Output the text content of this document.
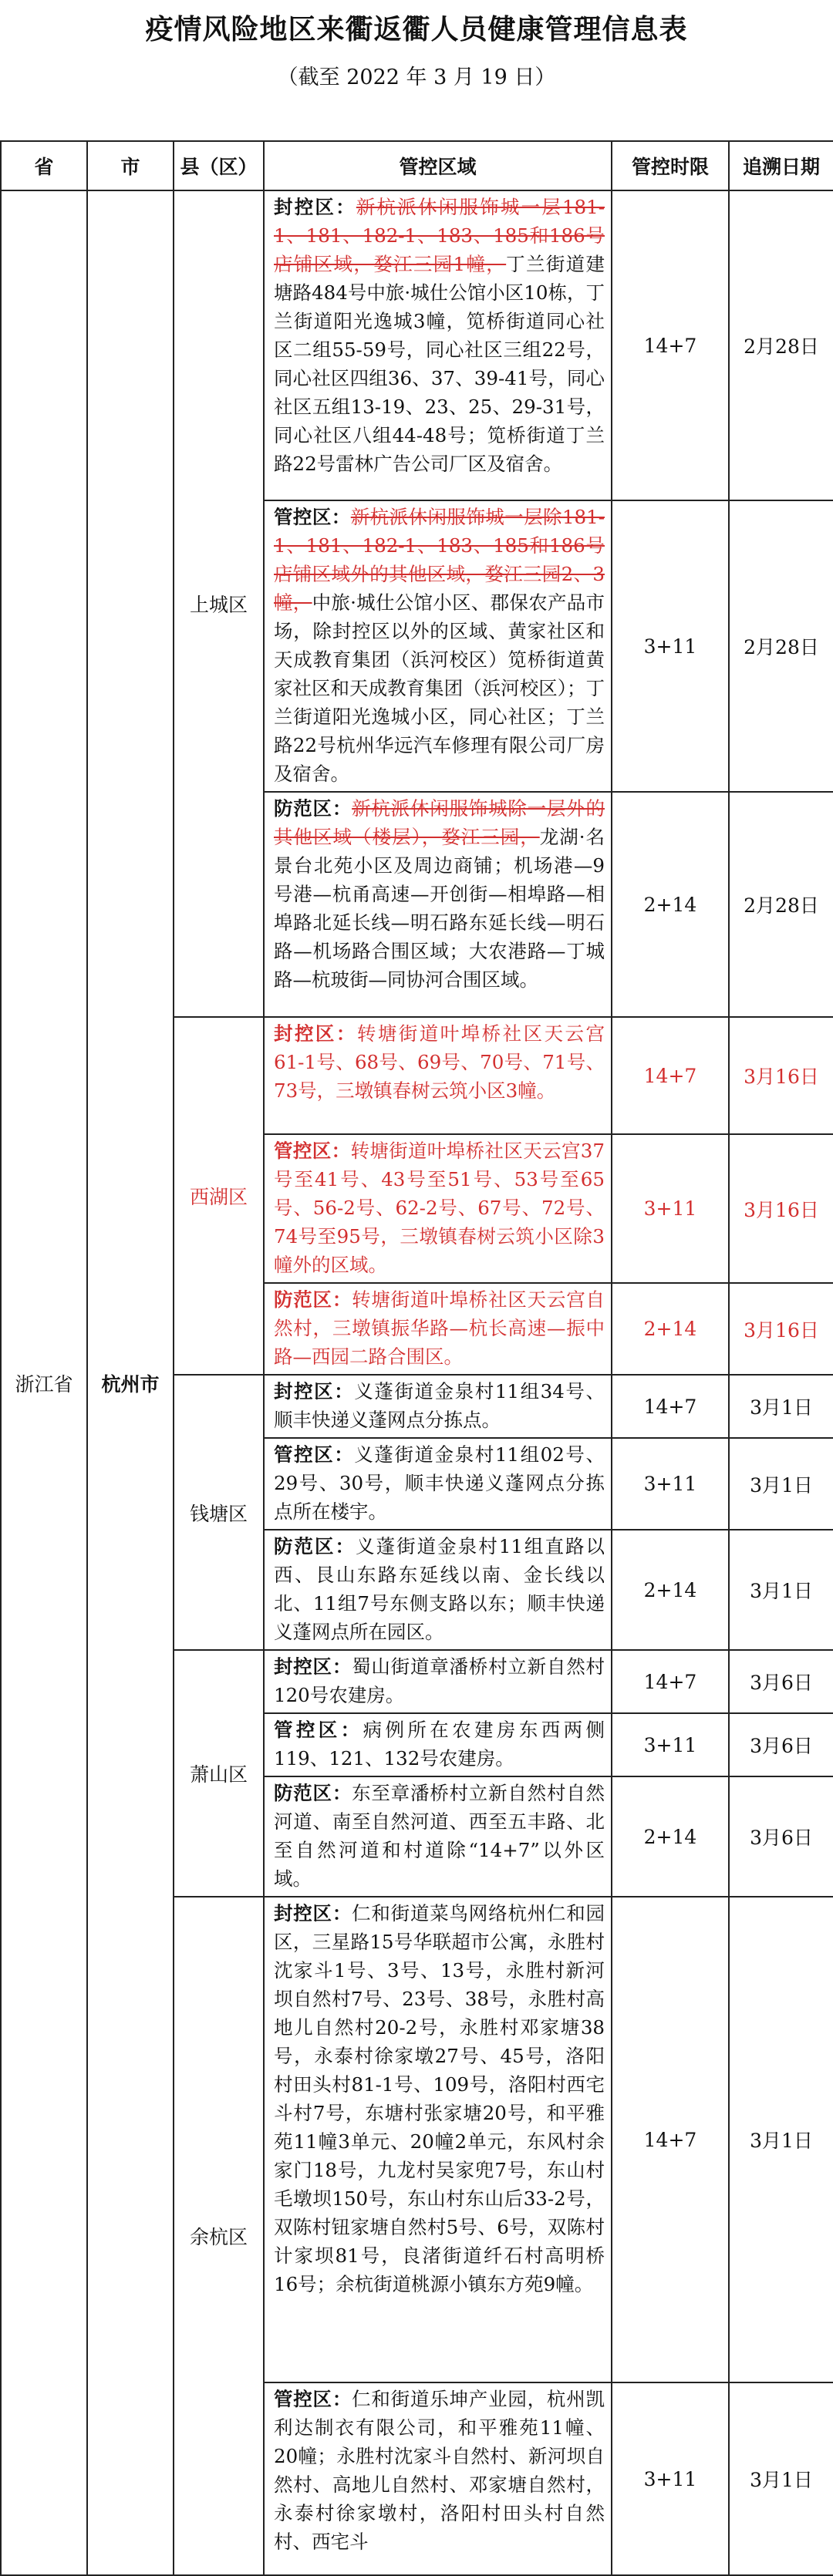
疫情风险地区来衢返衢人员健康管理信息表
（截至 2022 年 3 月 19 日）
省	市	县（区）	管控区域	管控时限	追溯日期
浙江省	杭州市	上城区	封控区：新杭派休闲服饰城一层181-1、181、182-1、183、185和186号店铺区域，婺江三园1幢，丁兰街道建塘路484号中旅·城仕公馆小区10栋，丁兰街道阳光逸城3幢，笕桥街道同心社区二组55-59号，同心社区三组22号，同心社区四组36、37、39-41号，同心社区五组13-19、23、25、29-31号，同心社区八组44-48号；笕桥街道丁兰路22号雷林广告公司厂区及宿舍。	14+7	2月28日
			管控区：新杭派休闲服饰城一层除181-1、181、182-1、183、185和186号店铺区域外的其他区域，婺江三园2、3幢，中旅·城仕公馆小区、郡保农产品市场，除封控区以外的区域、黄家社区和天成教育集团（浜河校区）笕桥街道黄家社区和天成教育集团（浜河校区）；丁兰街道阳光逸城小区，同心社区；丁兰路22号杭州华远汽车修理有限公司厂房及宿舍。	3+11	2月28日
			防范区：新杭派休闲服饰城除一层外的其他区域（楼层），婺江三园，龙湖·名景台北苑小区及周边商铺；机场港—9号港—杭甬高速—开创街—相埠路—相埠路北延长线—明石路东延长线—明石路—机场路合围区域；大农港路—丁城路—杭玻街—同协河合围区域。	2+14	2月28日
		西湖区	封控区：转塘街道叶埠桥社区天云宫61-1号、68号、69号、70号、71号、73号，三墩镇春树云筑小区3幢。	14+7	3月16日
			管控区：转塘街道叶埠桥社区天云宫37号至41号、43号至51号、53号至65号、56-2号、62-2号、67号、72号、74号至95号，三墩镇春树云筑小区除3幢外的区域。	3+11	3月16日
			防范区：转塘街道叶埠桥社区天云宫自然村，三墩镇振华路—杭长高速—振中路—西园二路合围区。	2+14	3月16日
		钱塘区	封控区：义蓬街道金泉村11组34号、顺丰快递义蓬网点分拣点。	14+7	3月1日
			管控区：义蓬街道金泉村11组02号、29号、30号，顺丰快递义蓬网点分拣点所在楼宇。	3+11	3月1日
			防范区：义蓬街道金泉村11组直路以西、艮山东路东延线以南、金长线以北、11组7号东侧支路以东；顺丰快递义蓬网点所在园区。	2+14	3月1日
		萧山区	封控区：蜀山街道章潘桥村立新自然村120号农建房。	14+7	3月6日
			管控区：病例所在农建房东西两侧119、121、132号农建房。	3+11	3月6日
			防范区：东至章潘桥村立新自然村自然河道、南至自然河道、西至五丰路、北至自然河道和村道除“14+7”以外区域。	2+14	3月6日
		余杭区	封控区：仁和街道菜鸟网络杭州仁和园区，三星路15号华联超市公寓，永胜村沈家斗1号、3号、13号，永胜村新河坝自然村7号、23号、38号，永胜村高地儿自然村20-2号，永胜村邓家塘38号，永泰村徐家墩27号、45号，洛阳村田头村81-1号、109号，洛阳村西宅斗村7号，东塘村张家塘20号，和平雅苑11幢3单元、20幢2单元，东风村余家门18号，九龙村吴家兜7号，东山村毛墩坝150号，东山村东山后33-2号，双陈村钮家塘自然村5号、6号，双陈村计家坝81号，良渚街道纤石村高明桥16号；余杭街道桃源小镇东方苑9幢。	14+7	3月1日
			管控区：仁和街道乐坤产业园，杭州凯利达制衣有限公司，和平雅苑11幢、20幢；永胜村沈家斗自然村、新河坝自然村、高地儿自然村、邓家塘自然村，永泰村徐家墩村，洛阳村田头村自然村、西宅斗	3+11	3月1日
